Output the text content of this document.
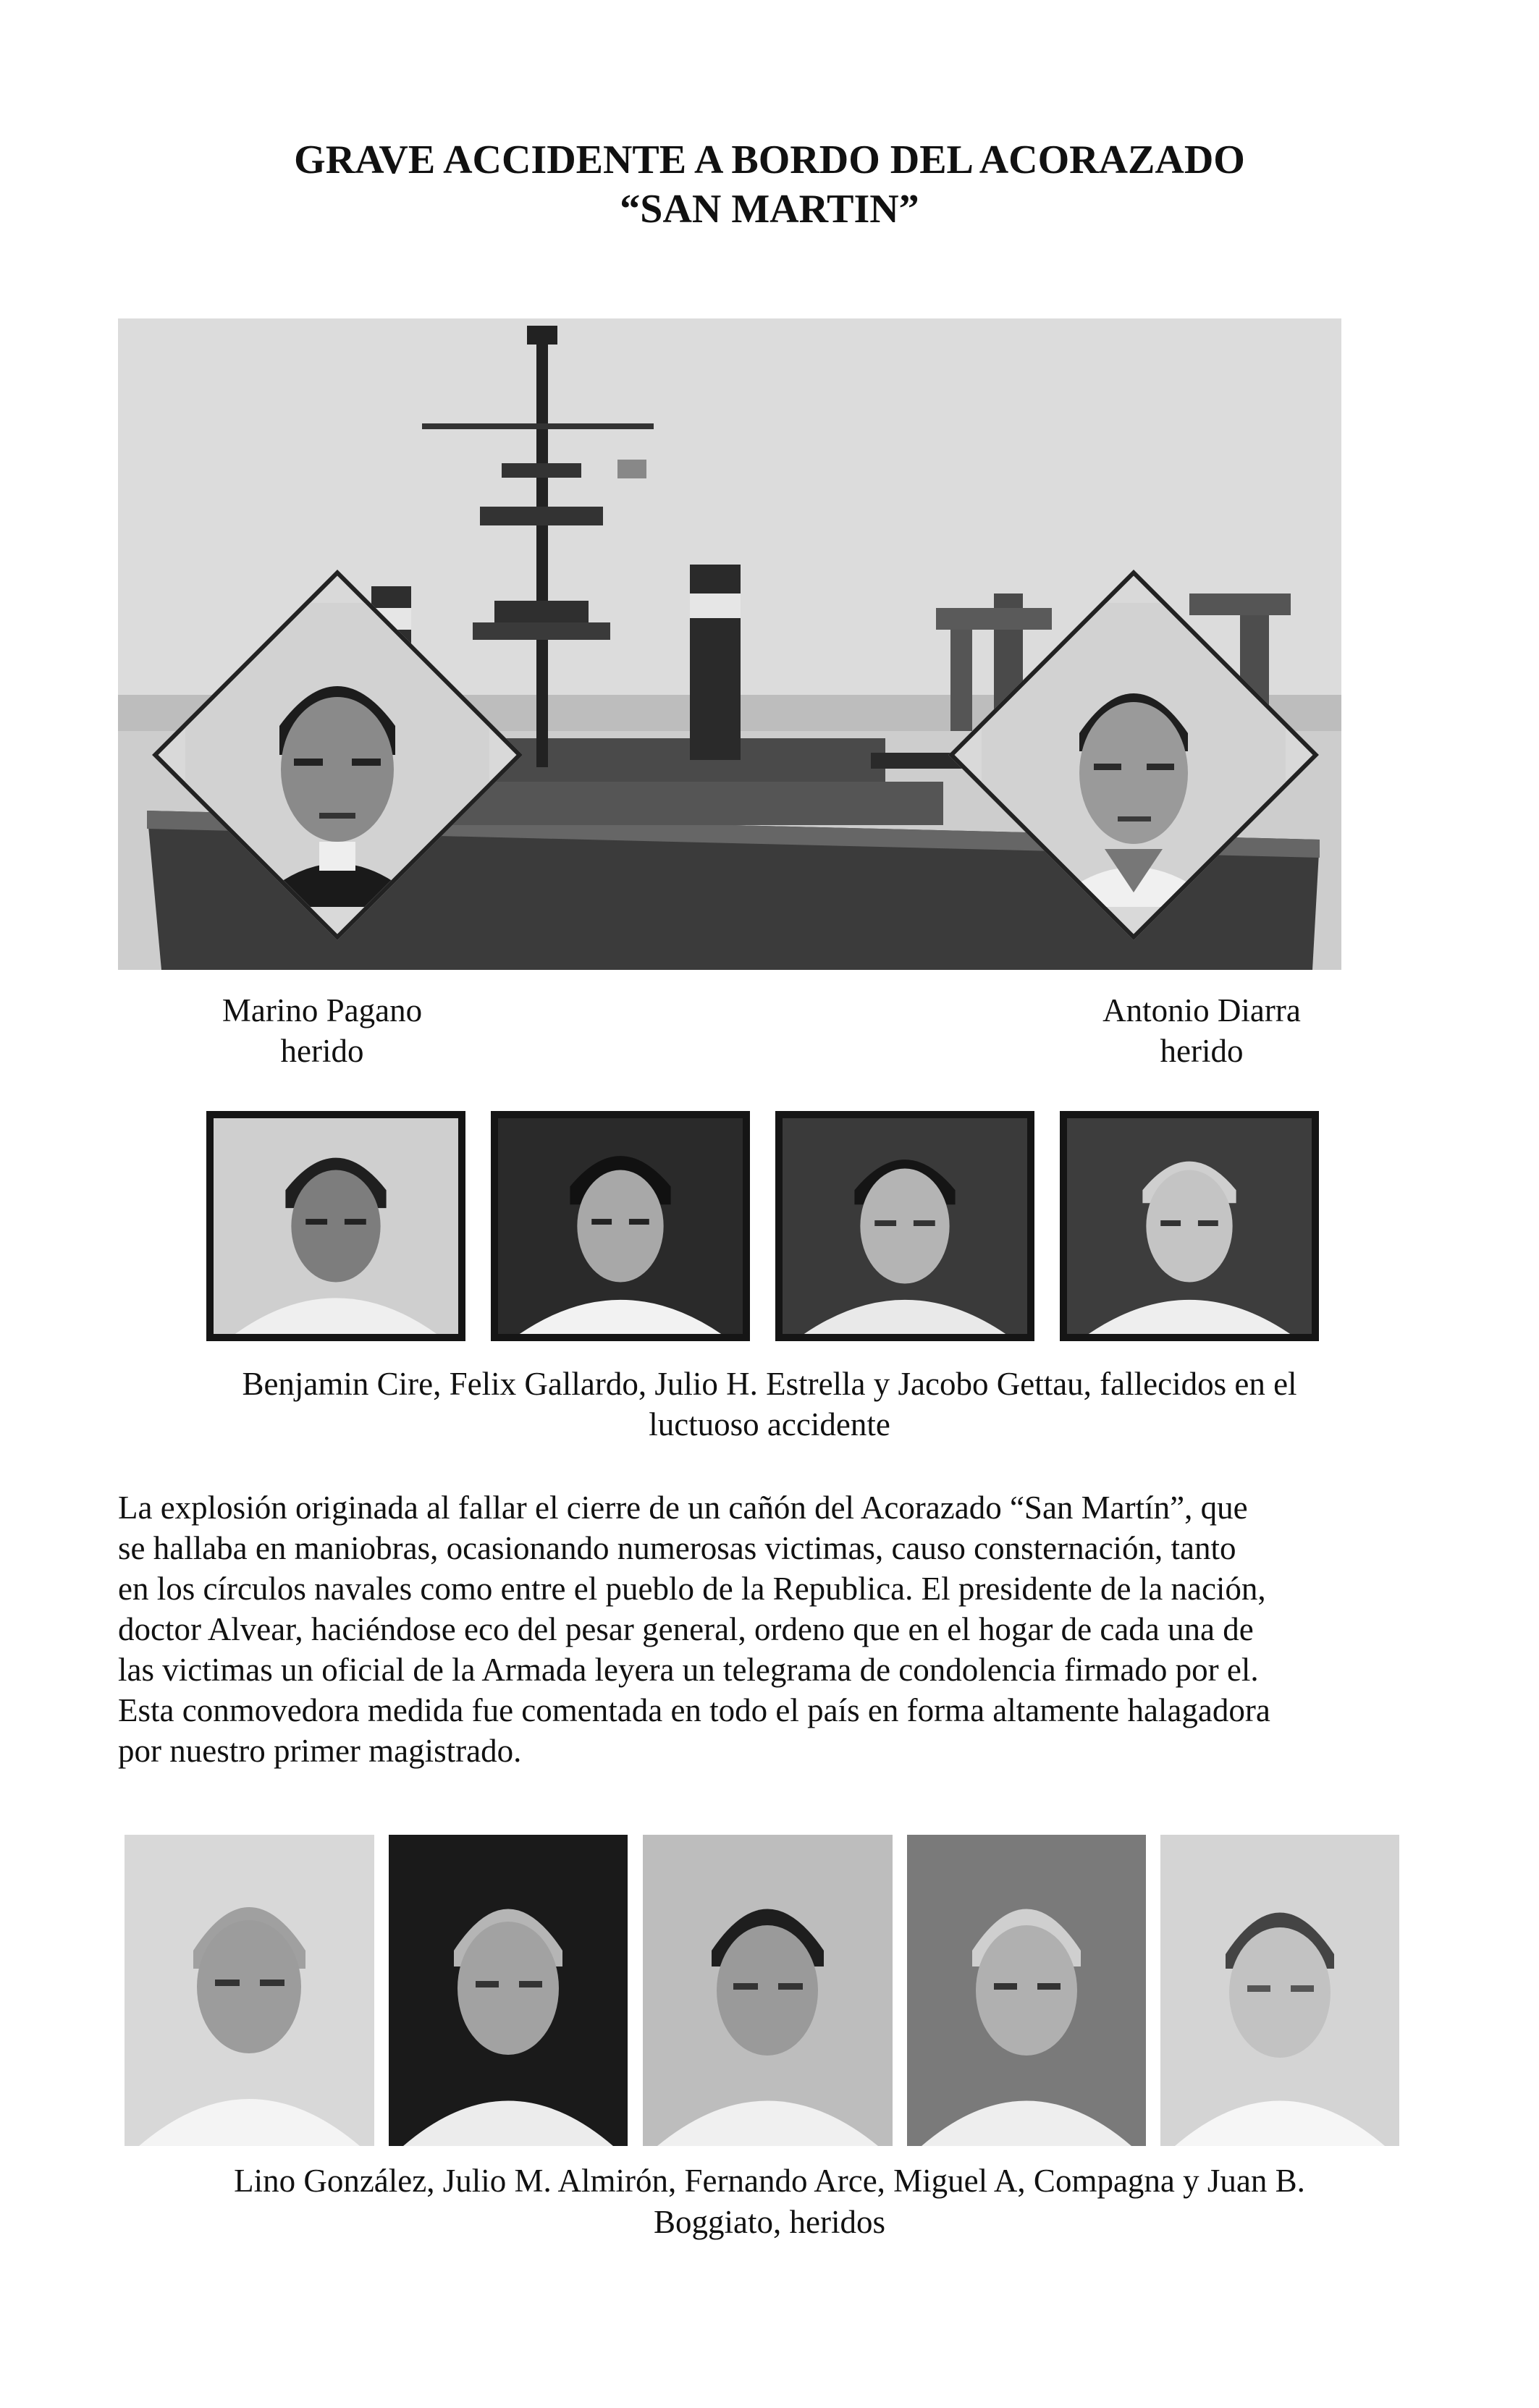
GRAVE ACCIDENTE A BORDO DEL ACORAZADO
“SAN MARTIN”
Marino Pagano
herido
Antonio Diarra
herido
Benjamin Cire, Felix Gallardo, Julio H. Estrella y Jacobo Gettau, fallecidos en el
luctuoso accidente
La explosión originada al fallar el cierre de un cañón del Acorazado “San Martín”, que
se hallaba en maniobras, ocasionando numerosas victimas, causo consternación, tanto
en los círculos navales como entre el pueblo de la Republica. El presidente de la nación,
doctor Alvear, haciéndose eco del pesar general, ordeno que en el hogar de cada una de
las victimas un oficial de la Armada leyera un telegrama de condolencia firmado por el.
Esta conmovedora medida fue comentada en todo el país en forma altamente halagadora
por nuestro primer magistrado.
Lino González, Julio M. Almirón, Fernando Arce, Miguel A, Compagna y Juan B.
Boggiato, heridos
